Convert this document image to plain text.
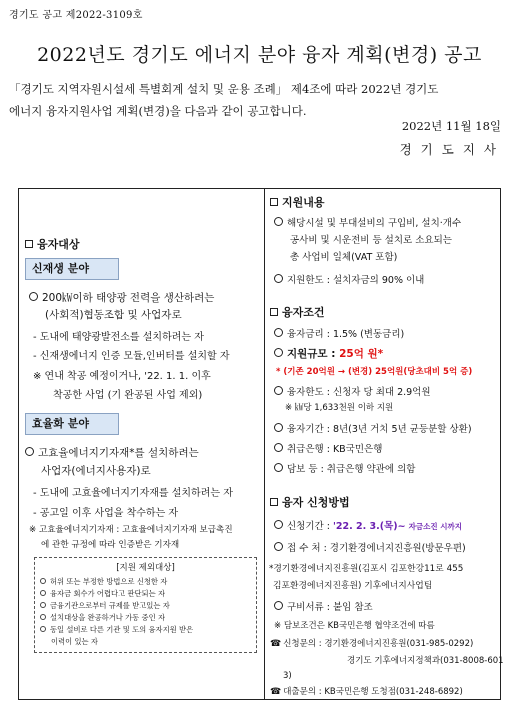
경기도 공고 제2022-3109호
2022년도 경기도 에너지 분야 융자 계획(변경) 공고
「경기도 지역자원시설세 특별회계 설치 및 운용 조례」 제4조에 따라 2022년 경기도
에너지 융자지원사업 계획(변경)을 다음과 같이 공고합니다.
2022년 11월 18일
경기도지사
융자대상
신재생 분야
200㎾이하 태양광 전력을 생산하려는
(사회적)협동조합 및 사업자로
- 도내에 태양광발전소를 설치하려는 자
- 신재생에너지 인증 모듈,인버터를 설치할 자
※ 연내 착공 예정이거나, '22. 1. 1. 이후
착공한 사업 (기 완공된 사업 제외)
효율화 분야
고효율에너지기자재*를 설치하려는
사업자(에너지사용자)로
- 도내에 고효율에너지기자재를 설치하려는 자
- 공고일 이후 사업을 착수하는 자
※ 고효율에너지기자재 : 고효율에너지기자재 보급촉진
에 관한 규정에 따라 인증받은 기자재
[지원 제외대상]
허위 또는 부정한 방법으로 신청한 자
융자금 회수가 어렵다고 판단되는 자
금융기관으로부터 규제를 받고있는 자
설치대상을 완공하거나 가동 중인 자
동일 설비로 다른 기관 및 도의 융자지원 받은
이력이 있는 자
지원내용
해당시설 및 부대설비의 구입비, 설치·개수
공사비 및 시운전비 등 설치로 소요되는
총 사업비 일체(VAT 포함)
지원한도 : 설치자금의 90% 이내
융자조건
융자금리 : 1.5% (변동금리)
지원규모 : 25억 원*
* (기존 20억원 → (변경) 25억원(당초대비 5억 증)
융자한도 : 신청자 당 최대 2.9억원
※ ㎾당 1,633천원 이하 지원
융자기간 : 8년(3년 거치 5년 균등분할 상환)
취급은행 : KB국민은행
담보 등 : 취급은행 약관에 의함
융자 신청방법
신청기간 : '22. 2. 3.(목)~ 자금소진 시까지
접 수 처 : 경기환경에너지진흥원(방문우편)
*경기환경에너지진흥원(김포시 김포한강11로 455
김포환경에너지진흥원) 기후에너지사업팀
구비서류 : 붙임 참조
※ 담보조건은 KB국민은행 협약조건에 따름
☎ 신청문의 : 경기환경에너지진흥원(031-985-0292)
경기도 기후에너지정책과(031-8008-601
3)
☎ 대출문의 : KB국민은행 도청점(031-248-6892)
